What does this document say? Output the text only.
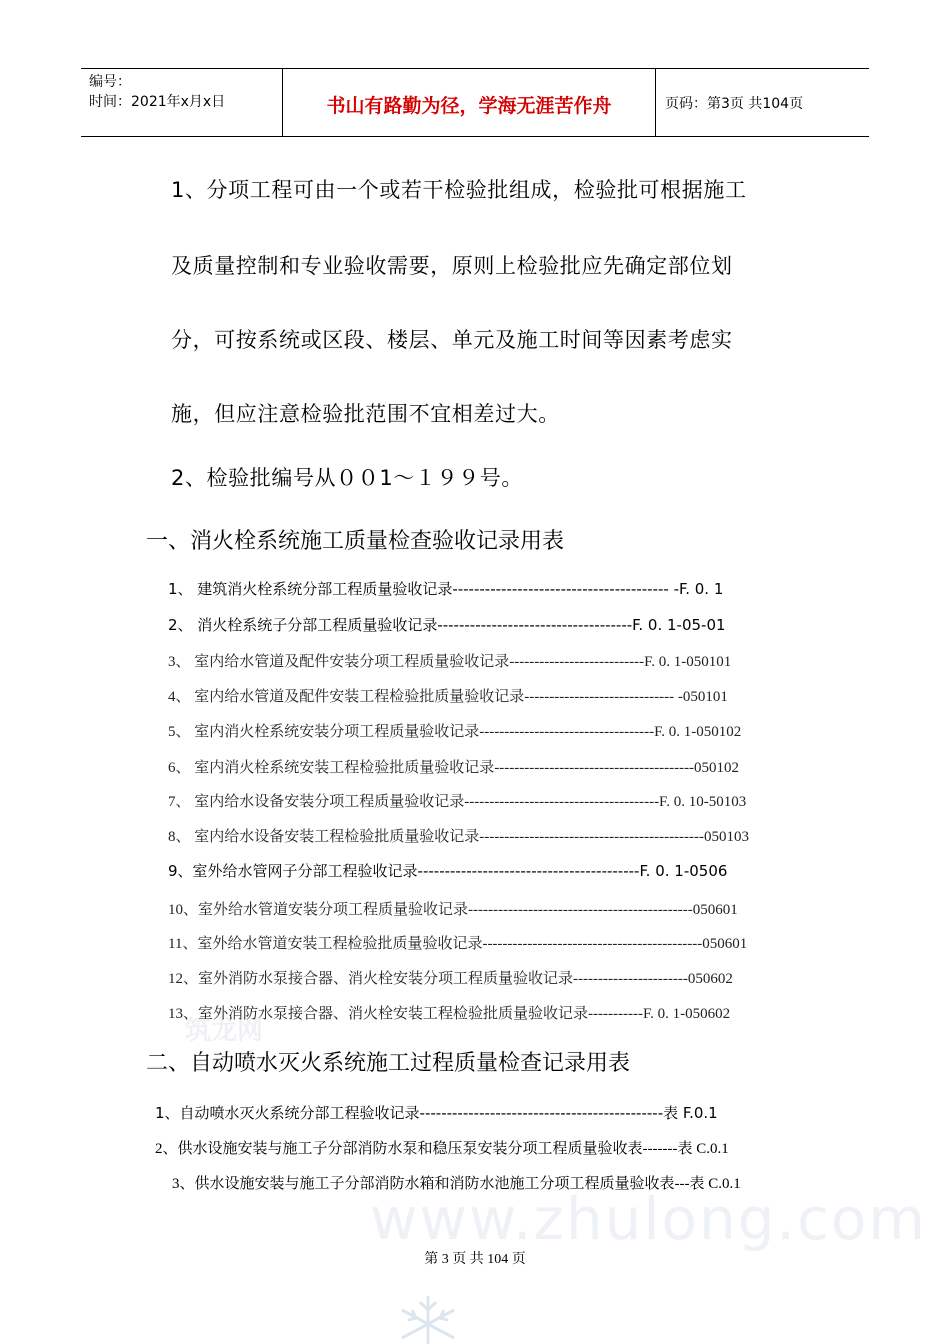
www.zhulong.com
筑龙网
编号：
时间：2021年x月x日	书山有路勤为径，学海无涯苦作舟	页码：第3页 共104页
1、分项工程可由一个或若干检验批组成，检验批可根据施工
及质量控制和专业验收需要，原则上检验批应先确定部位划
分，可按系统或区段、楼层、单元及施工时间等因素考虑实
施，但应注意检验批范围不宜相差过大。
2、检验批编号从００1～１９９号。
一、消火栓系统施工质量检查验收记录用表
1、 建筑消火栓系统分部工程质量验收记录---------------------------------------- -F. 0. 1
2、 消火栓系统子分部工程质量验收记录------------------------------------F. 0. 1-05-01
3、 室内给水管道及配件安装分项工程质量验收记录---------------------------F. 0. 1-050101
4、 室内给水管道及配件安装工程检验批质量验收记录------------------------------ -050101
5、 室内消火栓系统安装分项工程质量验收记录-----------------------------------F. 0. 1-050102
6、 室内消火栓系统安装工程检验批质量验收记录----------------------------------------050102
7、 室内给水设备安装分项工程质量验收记录---------------------------------------F. 0. 10-50103
8、 室内给水设备安装工程检验批质量验收记录---------------------------------------------050103
9、室外给水管网子分部工程验收记录-----------------------------------------F. 0. 1-0506
10、室外给水管道安装分项工程质量验收记录---------------------------------------------050601
11、室外给水管道安装工程检验批质量验收记录--------------------------------------------050601
12、室外消防水泵接合器、消火栓安装分项工程质量验收记录-----------------------050602
13、室外消防水泵接合器、消火栓安装工程检验批质量验收记录-----------F. 0. 1-050602
二、自动喷水灭火系统施工过程质量检查记录用表
1、自动喷水灭火系统分部工程验收记录---------------------------------------------表 F.0.1
2、供水设施安装与施工子分部消防水泵和稳压泵安装分项工程质量验收表-------表 C.0.1
3、供水设施安装与施工子分部消防水箱和消防水池施工分项工程质量验收表---表 C.0.1
第 3 页 共 104 页
